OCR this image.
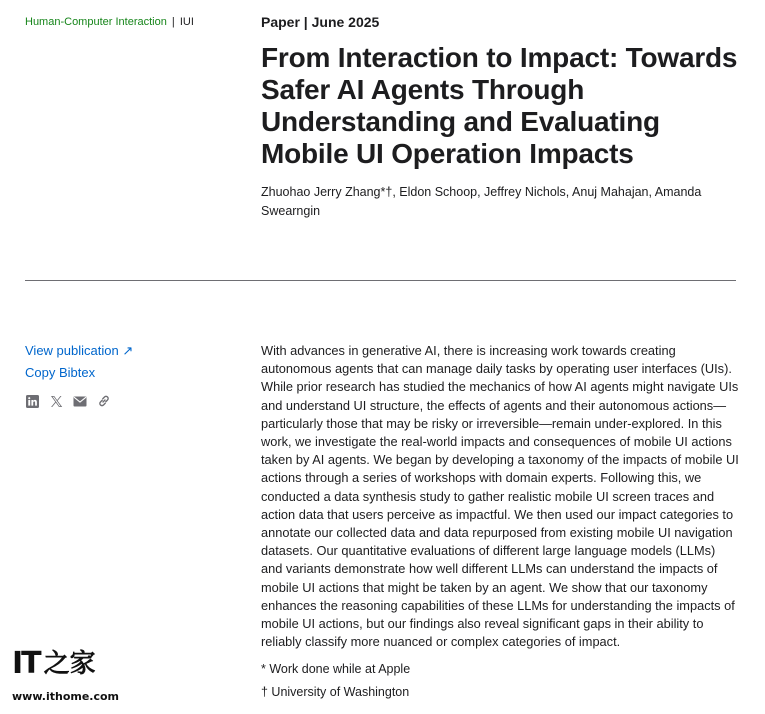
Human-Computer Interaction | IUI	Paper | June 2025
From Interaction to Impact: Towards Safer AI Agents Through Understanding and Evaluating Mobile UI Operation Impacts
Zhuohao Jerry Zhang*†, Eldon Schoop, Jeffrey Nichols, Anuj Mahajan, Amanda Swearngin
View publication ↗
Copy Bibtex

With advances in generative AI, there is increasing work towards creating autonomous agents that can manage daily tasks by operating user interfaces (UIs). While prior research has studied the mechanics of how AI agents might navigate UIs and understand UI structure, the effects of agents and their autonomous actions—particularly those that may be risky or irreversible—remain under-explored. In this work, we investigate the real-world impacts and consequences of mobile UI actions taken by AI agents. We began by developing a taxonomy of the impacts of mobile UI actions through a series of workshops with domain experts. Following this, we conducted a data synthesis study to gather realistic mobile UI screen traces and action data that users perceive as impactful. We then used our impact categories to annotate our collected data and data repurposed from existing mobile UI navigation datasets. Our quantitative evaluations of different large language models (LLMs) and variants demonstrate how well different LLMs can understand the impacts of mobile UI actions that might be taken by an agent. We show that our taxonomy enhances the reasoning capabilities of these LLMs for understanding the impacts of mobile UI actions, but our findings also reveal significant gaps in their ability to reliably classify more nuanced or complex categories of impact.

* Work done while at Apple
† University of Washington
IT 之家
www.ithome.com
